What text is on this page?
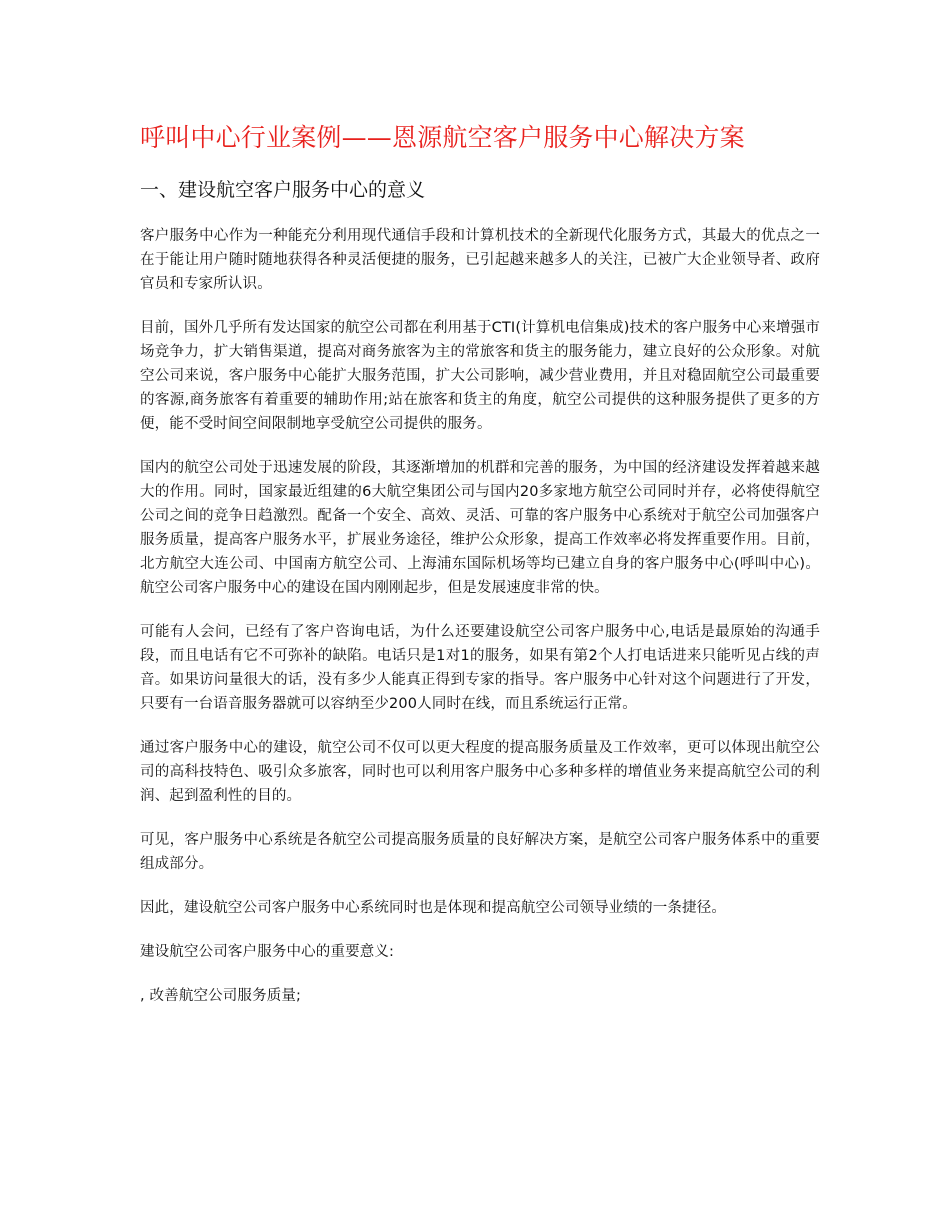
呼叫中心行业案例——恩源航空客户服务中心解决方案
一、建设航空客户服务中心的意义

客户服务中心作为一种能充分利用现代通信手段和计算机技术的全新现代化服务方式，其最大的优点之一在于能让用户随时随地获得各种灵活便捷的服务，已引起越来越多人的关注，已被广大企业领导者、政府官员和专家所认识。

目前，国外几乎所有发达国家的航空公司都在利用基于CTI(计算机电信集成)技术的客户服务中心来增强市场竞争力，扩大销售渠道，提高对商务旅客为主的常旅客和货主的服务能力，建立良好的公众形象。对航空公司来说，客户服务中心能扩大服务范围，扩大公司影响，减少营业费用，并且对稳固航空公司最重要的客源,商务旅客有着重要的辅助作用;站在旅客和货主的角度，航空公司提供的这种服务提供了更多的方便，能不受时间空间限制地享受航空公司提供的服务。

国内的航空公司处于迅速发展的阶段，其逐渐增加的机群和完善的服务，为中国的经济建设发挥着越来越大的作用。同时，国家最近组建的6大航空集团公司与国内20多家地方航空公司同时并存，必将使得航空公司之间的竞争日趋激烈。配备一个安全、高效、灵活、可靠的客户服务中心系统对于航空公司加强客户服务质量，提高客户服务水平，扩展业务途径，维护公众形象，提高工作效率必将发挥重要作用。目前，北方航空大连公司、中国南方航空公司、上海浦东国际机场等均已建立自身的客户服务中心(呼叫中心)。航空公司客户服务中心的建设在国内刚刚起步，但是发展速度非常的快。

可能有人会问，已经有了客户咨询电话，为什么还要建设航空公司客户服务中心,电话是最原始的沟通手段，而且电话有它不可弥补的缺陷。电话只是1对1的服务，如果有第2个人打电话进来只能听见占线的声音。如果访问量很大的话，没有多少人能真正得到专家的指导。客户服务中心针对这个问题进行了开发，只要有一台语音服务器就可以容纳至少200人同时在线，而且系统运行正常。

通过客户服务中心的建设，航空公司不仅可以更大程度的提高服务质量及工作效率，更可以体现出航空公司的高科技特色、吸引众多旅客，同时也可以利用客户服务中心多种多样的增值业务来提高航空公司的利润、起到盈利性的目的。

可见，客户服务中心系统是各航空公司提高服务质量的良好解决方案，是航空公司客户服务体系中的重要组成部分。

因此，建设航空公司客户服务中心系统同时也是体现和提高航空公司领导业绩的一条捷径。

建设航空公司客户服务中心的重要意义:

, 改善航空公司服务质量;
